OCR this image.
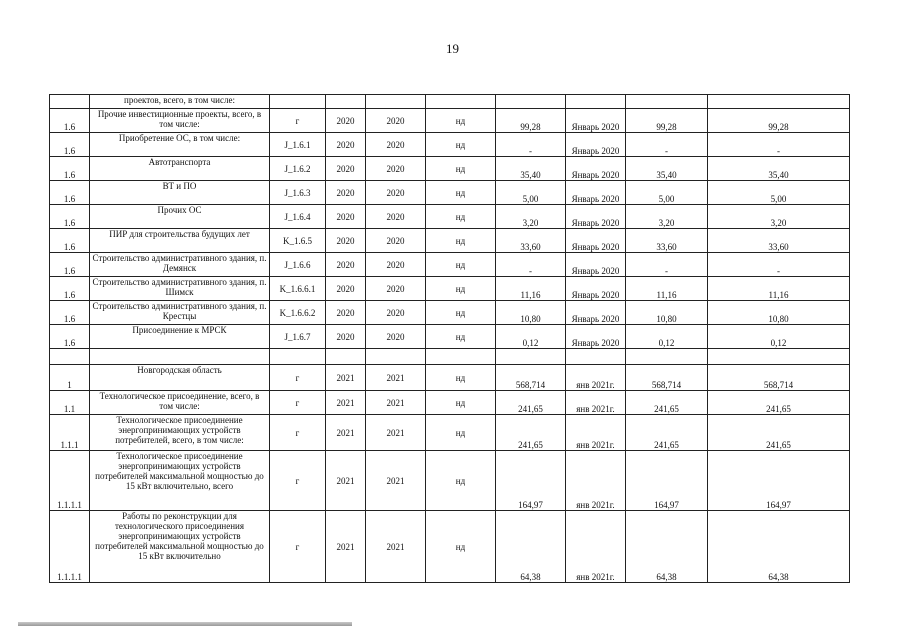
19
	проектов, всего, в том числе:								
1.6	Прочие инвестиционные проекты, всего, в том числе:	г	2020	2020	нд	99,28	Январь 2020	99,28	99,28
1.6	Приобретение ОС, в том числе:	J_1.6.1	2020	2020	нд	-	Январь 2020	-	-
1.6	Автотранспорта	J_1.6.2	2020	2020	нд	35,40	Январь 2020	35,40	35,40
1.6	ВТ и ПО	J_1.6.3	2020	2020	нд	5,00	Январь 2020	5,00	5,00
1.6	Прочих ОС	J_1.6.4	2020	2020	нд	3,20	Январь 2020	3,20	3,20
1.6	ПИР для строительства будущих лет	K_1.6.5	2020	2020	нд	33,60	Январь 2020	33,60	33,60
1.6	Строительство административного здания, п. Демянск	J_1.6.6	2020	2020	нд	-	Январь 2020	-	-
1.6	Строительство административного здания, п. Шимск	K_1.6.6.1	2020	2020	нд	11,16	Январь 2020	11,16	11,16
1.6	Строительство административного здания, п. Крестцы	K_1.6.6.2	2020	2020	нд	10,80	Январь 2020	10,80	10,80
1.6	Присоединение к МРСК	J_1.6.7	2020	2020	нд	0,12	Январь 2020	0,12	0,12

1	Новгородская область	г	2021	2021	нд	568,714	янв 2021г.	568,714	568,714
1.1	Технологическое присоединение, всего, в том числе:	г	2021	2021	нд	241,65	янв 2021г.	241,65	241,65
1.1.1	Технологическое присоединение энергопринимающих устройств потребителей, всего, в том числе:	г	2021	2021	нд	241,65	янв 2021г.	241,65	241,65
1.1.1.1	Технологическое присоединение энергопринимающих устройств потребителей максимальной мощностью до 15 кВт включительно, всего	г	2021	2021	нд	164,97	янв 2021г.	164,97	164,97
1.1.1.1	Работы по реконструкции для технологического присоединения энергопринимающих устройств потребителей максимальной мощностью до 15 кВт включительно	г	2021	2021	нд	64,38	янв 2021г.	64,38	64,38
